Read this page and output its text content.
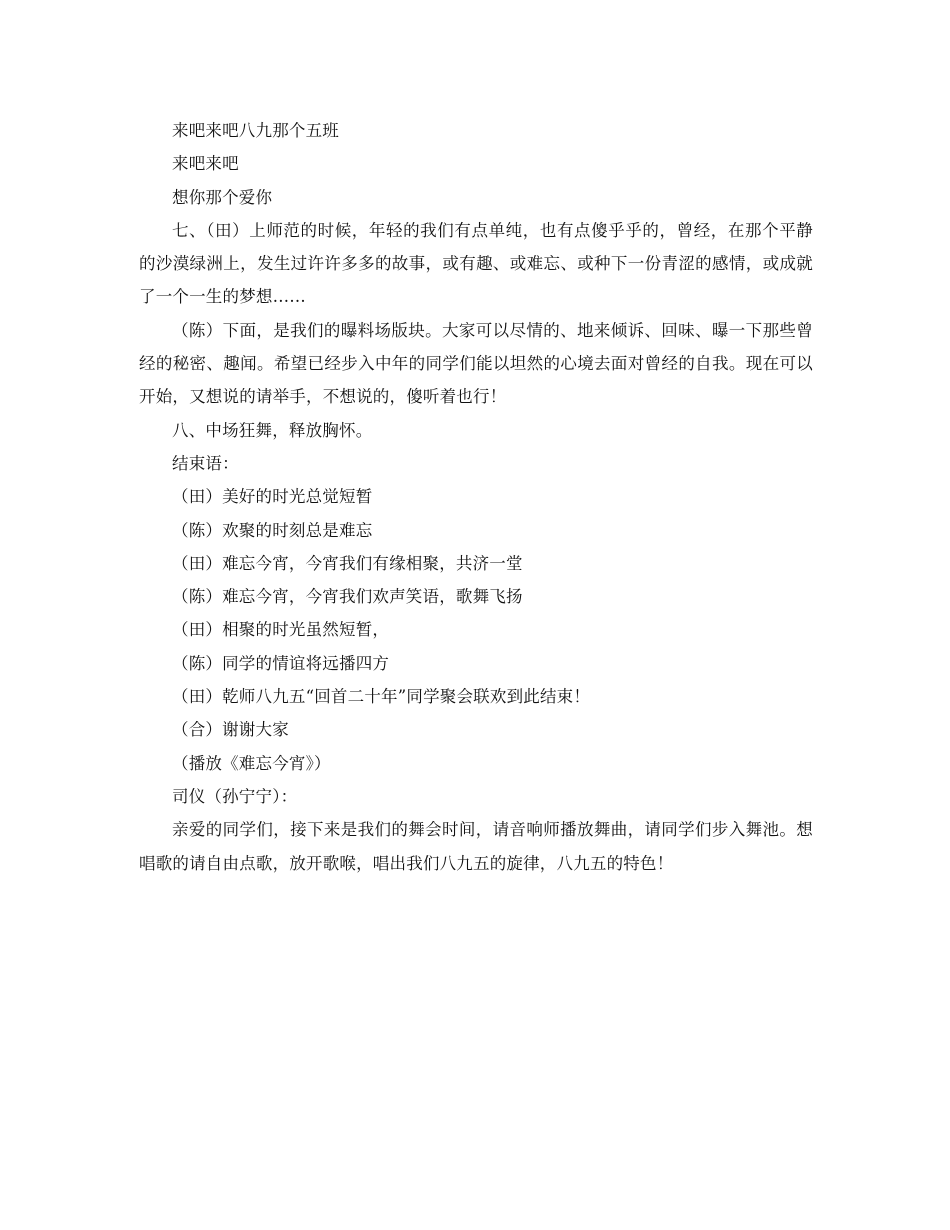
来吧来吧八九那个五班

来吧来吧

想你那个爱你

七、（田）上师范的时候，年轻的我们有点单纯，也有点傻乎乎的，曾经，在那个平静的沙漠绿洲上，发生过许许多多的故事，或有趣、或难忘、或种下一份青涩的感情，或成就了一个一生的梦想……

（陈）下面，是我们的曝料场版块。大家可以尽情的、地来倾诉、回味、曝一下那些曾经的秘密、趣闻。希望已经步入中年的同学们能以坦然的心境去面对曾经的自我。现在可以开始，又想说的请举手，不想说的，傻听着也行！

八、中场狂舞，释放胸怀。

结束语：

（田）美好的时光总觉短暂

（陈）欢聚的时刻总是难忘

（田）难忘今宵，今宵我们有缘相聚，共济一堂

（陈）难忘今宵，今宵我们欢声笑语，歌舞飞扬

（田）相聚的时光虽然短暂，

（陈）同学的情谊将远播四方

（田）乾师八九五“回首二十年”同学聚会联欢到此结束！

（合）谢谢大家

（播放《难忘今宵》）

司仪（孙宁宁）：

亲爱的同学们，接下来是我们的舞会时间，请音响师播放舞曲，请同学们步入舞池。想唱歌的请自由点歌，放开歌喉，唱出我们八九五的旋律，八九五的特色！
